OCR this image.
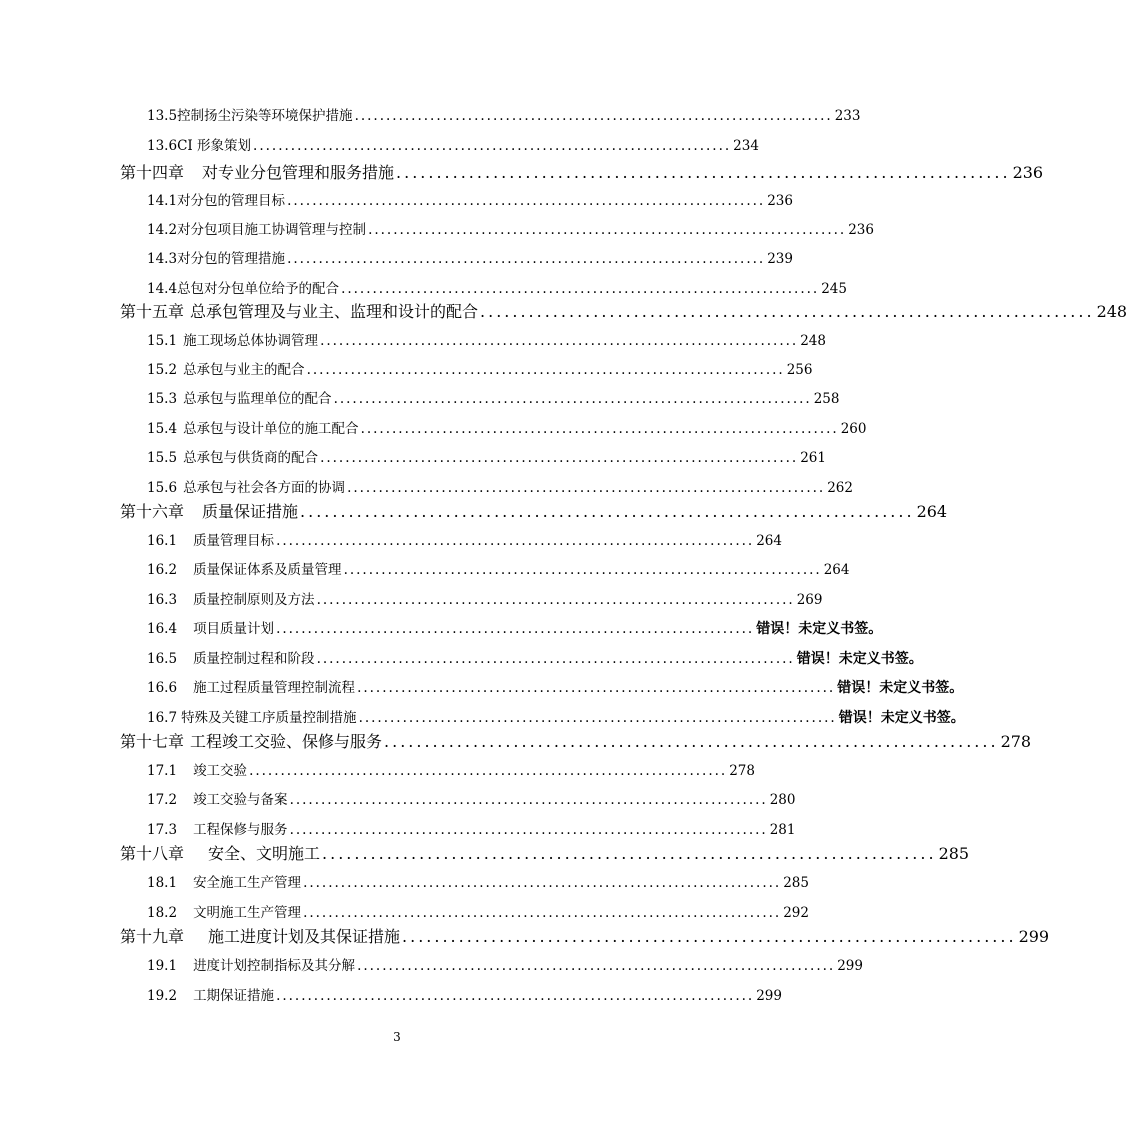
13.5 控制扬尘污染等环境保护措施 ............................................................................ 233
13.6 CI 形象策划 ............................................................................ 234
第十四章 对专业分包管理和服务措施 ............................................................................ 236
14.1 对分包的管理目标 ............................................................................ 236
14.2 对分包项目施工协调管理与控制 ............................................................................ 236
14.3 对分包的管理措施 ............................................................................ 239
14.4 总包对分包单位给予的配合 ............................................................................ 245
第十五章 总承包管理及与业主、监理和设计的配合 ............................................................................ 248
15.1 施工现场总体协调管理 ............................................................................ 248
15.2 总承包与业主的配合 ............................................................................ 256
15.3 总承包与监理单位的配合 ............................................................................ 258
15.4 总承包与设计单位的施工配合 ............................................................................ 260
15.5 总承包与供货商的配合 ............................................................................ 261
15.6 总承包与社会各方面的协调 ............................................................................ 262
第十六章 质量保证措施 ............................................................................ 264
16.1 质量管理目标 ............................................................................ 264
16.2 质量保证体系及质量管理 ............................................................................ 264
16.3 质量控制原则及方法 ............................................................................ 269
16.4 项目质量计划 ............................................................................ 错误！未定义书签。
16.5 质量控制过程和阶段 ............................................................................ 错误！未定义书签。
16.6 施工过程质量管理控制流程 ............................................................................ 错误！未定义书签。
16.7 特殊及关键工序质量控制措施 ............................................................................ 错误！未定义书签。
第十七章 工程竣工交验、保修与服务 ............................................................................ 278
17.1 竣工交验 ............................................................................ 278
17.2 竣工交验与备案 ............................................................................ 280
17.3 工程保修与服务 ............................................................................ 281
第十八章 安全、文明施工 ............................................................................ 285
18.1 安全施工生产管理 ............................................................................ 285
18.2 文明施工生产管理 ............................................................................ 292
第十九章 施工进度计划及其保证措施 ............................................................................ 299
19.1 进度计划控制指标及其分解 ............................................................................ 299
19.2 工期保证措施 ............................................................................ 299
3
